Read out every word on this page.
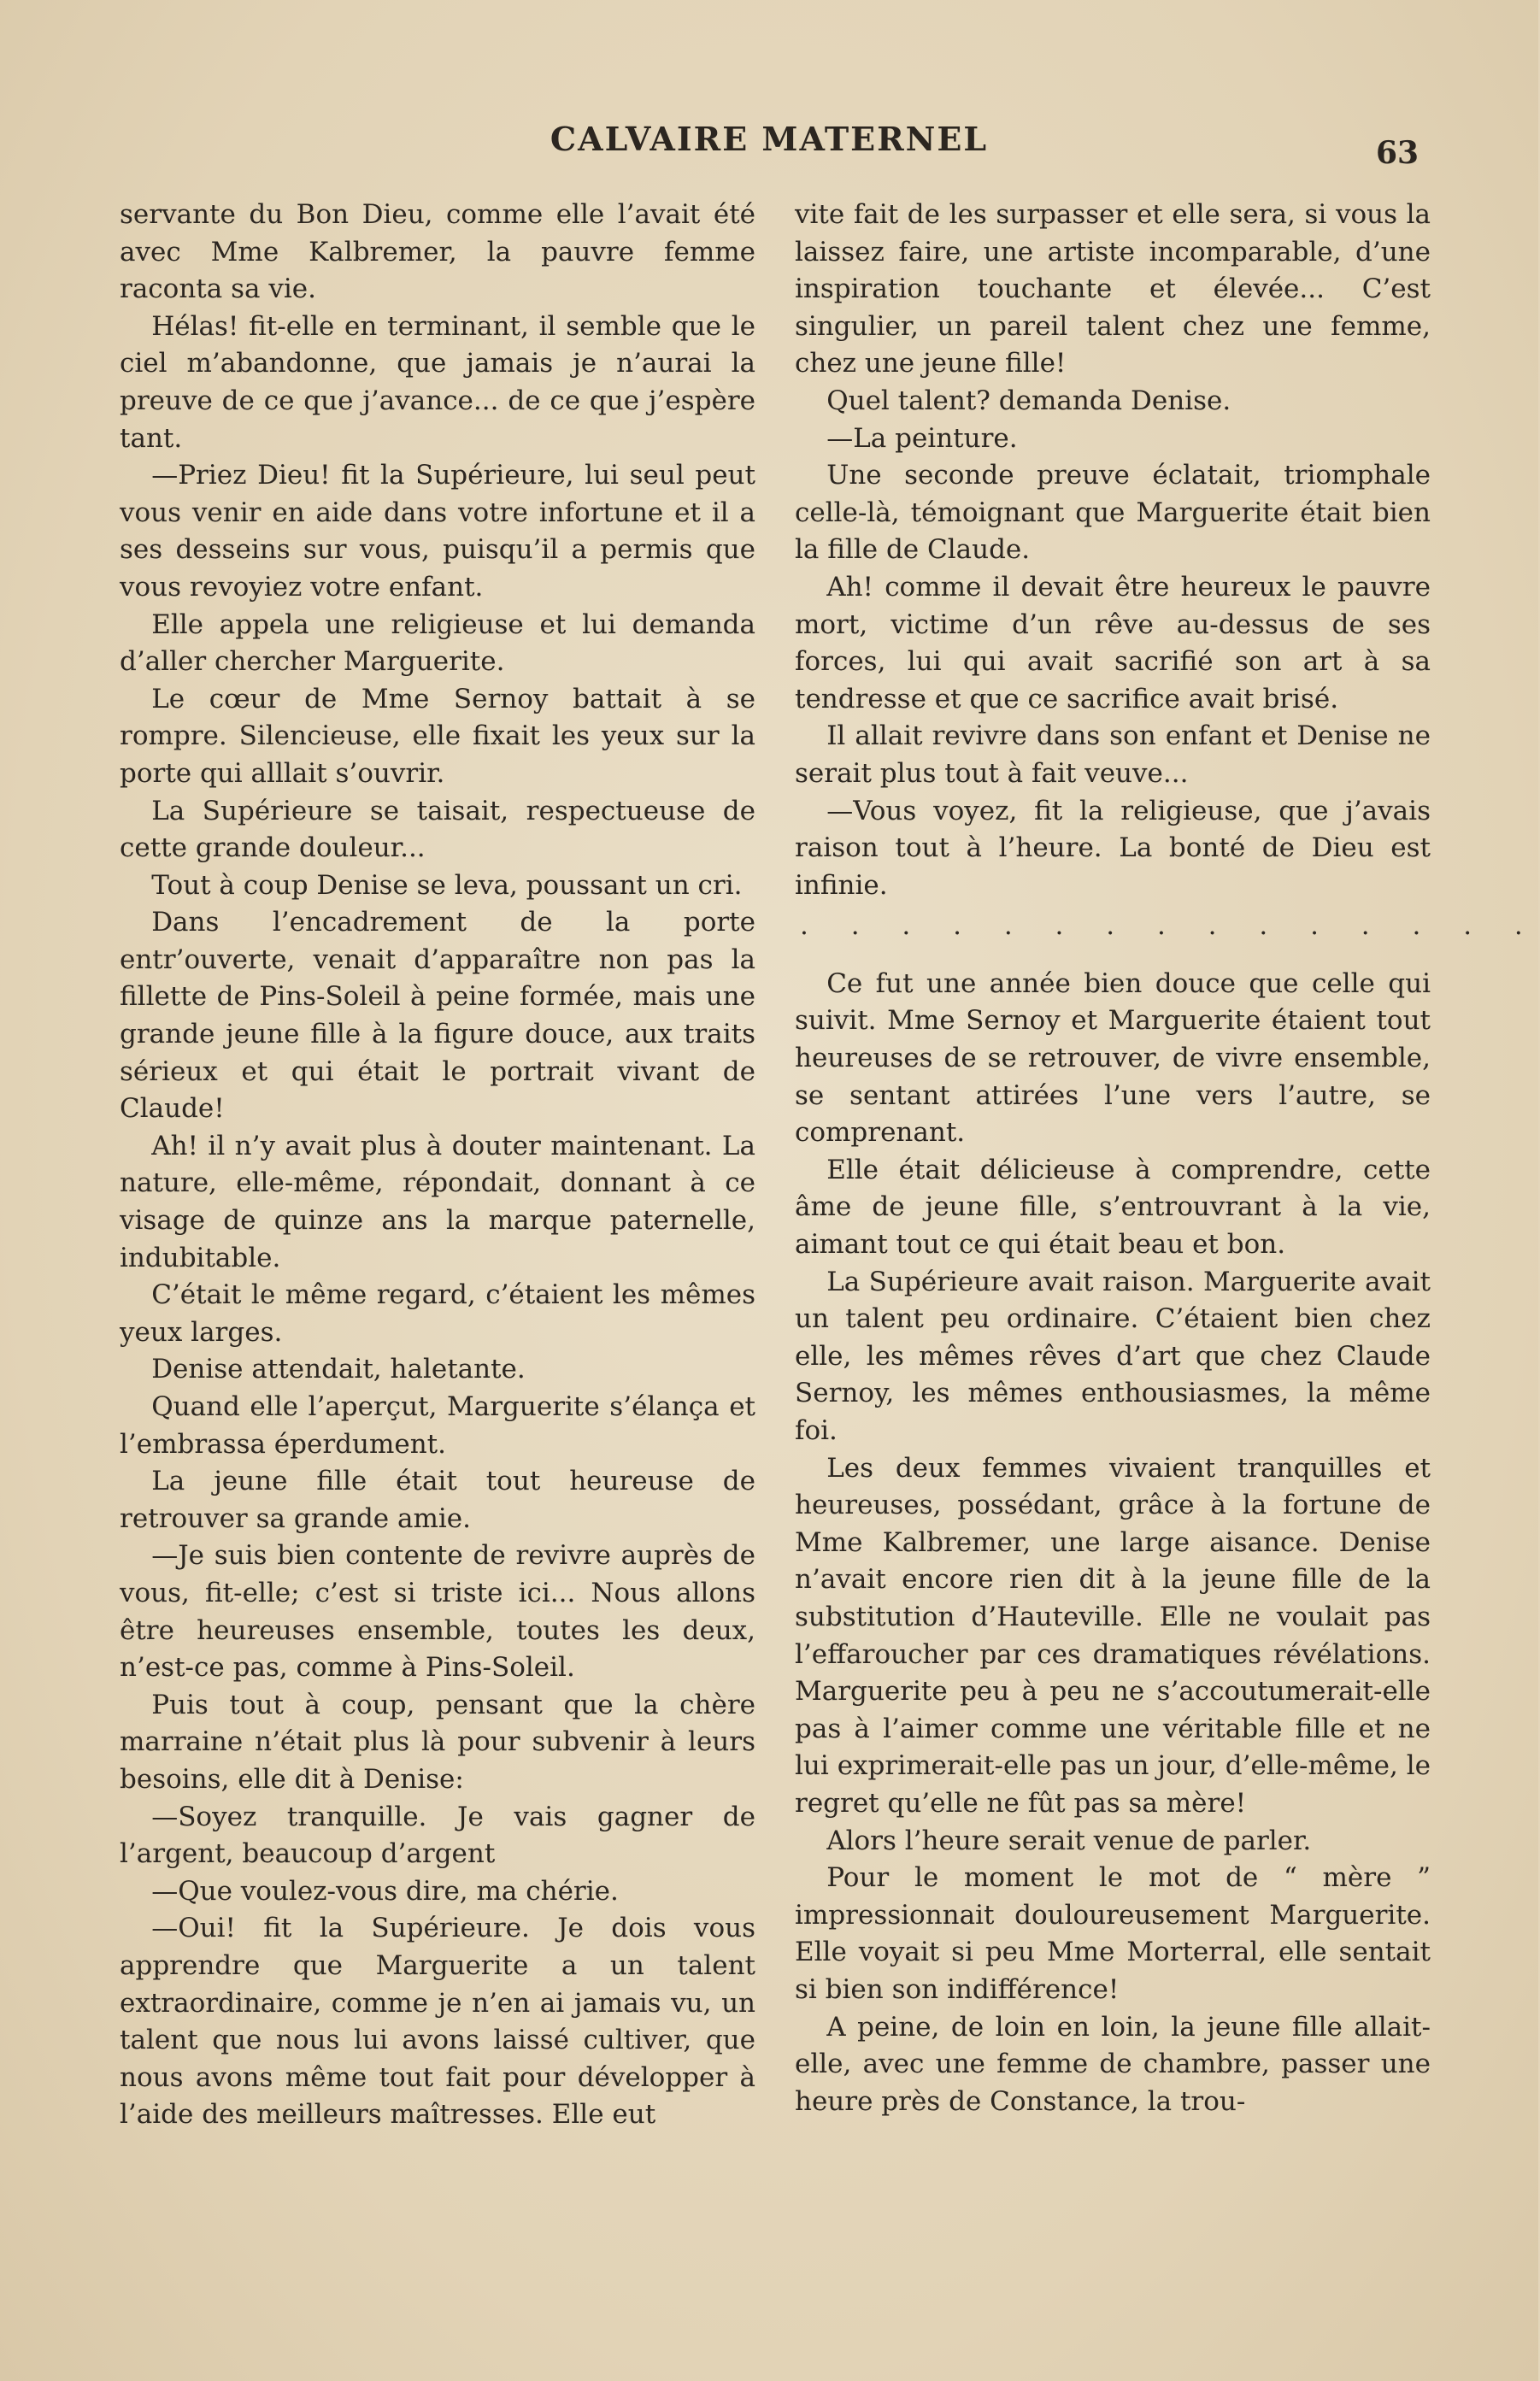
CALVAIRE MATERNEL	63

servante du Bon Dieu, comme elle l’avait été avec Mme Kalbremer, la pauvre femme raconta sa vie.

Hélas! fit-elle en terminant, il semble que le ciel m’abandonne, que jamais je n’aurai la preuve de ce que j’avance... de ce que j’espère tant.

—Priez Dieu! fit la Supérieure, lui seul peut vous venir en aide dans votre infortune et il a ses desseins sur vous, puisqu’il a permis que vous revoyiez votre enfant.

Elle appela une religieuse et lui demanda d’aller chercher Marguerite.

Le cœur de Mme Sernoy battait à se rompre. Silencieuse, elle fixait les yeux sur la porte qui alllait s’ouvrir.

La Supérieure se taisait, respectueuse de cette grande douleur...

Tout à coup Denise se leva, poussant un cri.

Dans l’encadrement de la porte entr’ouverte, venait d’apparaître non pas la fillette de Pins-Soleil à peine formée, mais une grande jeune fille à la figure douce, aux traits sérieux et qui était le portrait vivant de Claude!

Ah! il n’y avait plus à douter maintenant. La nature, elle-même, répondait, donnant à ce visage de quinze ans la marque paternelle, indubitable.

C’était le même regard, c’étaient les mêmes yeux larges.

Denise attendait, haletante.

Quand elle l’aperçut, Marguerite s’élança et l’embrassa éperdument.

La jeune fille était tout heureuse de retrouver sa grande amie.

—Je suis bien contente de revivre auprès de vous, fit-elle; c’est si triste ici... Nous allons être heureuses ensemble, toutes les deux, n’est-ce pas, comme à Pins-Soleil.

Puis tout à coup, pensant que la chère marraine n’était plus là pour subvenir à leurs besoins, elle dit à Denise:

—Soyez tranquille. Je vais gagner de l’argent, beaucoup d’argent

—Que voulez-vous dire, ma chérie.

—Oui! fit la Supérieure. Je dois vous apprendre que Marguerite a un talent extraordinaire, comme je n’en ai jamais vu, un talent que nous lui avons laissé cultiver, que nous avons même tout fait pour développer à l’aide des meilleurs maîtresses. Elle eut

vite fait de les surpasser et elle sera, si vous la laissez faire, une artiste incomparable, d’une inspiration touchante et élevée... C’est singulier, un pareil talent chez une femme, chez une jeune fille!

Quel talent? demanda Denise.

—La peinture.

Une seconde preuve éclatait, triomphale celle-là, témoignant que Marguerite était bien la fille de Claude.

Ah! comme il devait être heureux le pauvre mort, victime d’un rêve au-dessus de ses forces, lui qui avait sacrifié son art à sa tendresse et que ce sacrifice avait brisé.

Il allait revivre dans son enfant et Denise ne serait plus tout à fait veuve...

—Vous voyez, fit la religieuse, que j’avais raison tout à l’heure. La bonté de Dieu est infinie.

. . . . . . . . . . . . . . .

Ce fut une année bien douce que celle qui suivit. Mme Sernoy et Marguerite étaient tout heureuses de se retrouver, de vivre ensemble, se sentant attirées l’une vers l’autre, se comprenant.

Elle était délicieuse à comprendre, cette âme de jeune fille, s’entrouvrant à la vie, aimant tout ce qui était beau et bon.

La Supérieure avait raison. Marguerite avait un talent peu ordinaire. C’étaient bien chez elle, les mêmes rêves d’art que chez Claude Sernoy, les mêmes enthousiasmes, la même foi.

Les deux femmes vivaient tranquilles et heureuses, possédant, grâce à la fortune de Mme Kalbremer, une large aisance. Denise n’avait encore rien dit à la jeune fille de la substitution d’Hauteville. Elle ne voulait pas l’effaroucher par ces dramatiques révélations. Marguerite peu à peu ne s’accoutumerait-elle pas à l’aimer comme une véritable fille et ne lui exprimerait-elle pas un jour, d’elle-même, le regret qu’elle ne fût pas sa mère!

Alors l’heure serait venue de parler.

Pour le moment le mot de “ mère ” impressionnait douloureusement Marguerite. Elle voyait si peu Mme Morterral, elle sentait si bien son indifférence!

A peine, de loin en loin, la jeune fille allait-elle, avec une femme de chambre, passer une heure près de Constance, la trou-
